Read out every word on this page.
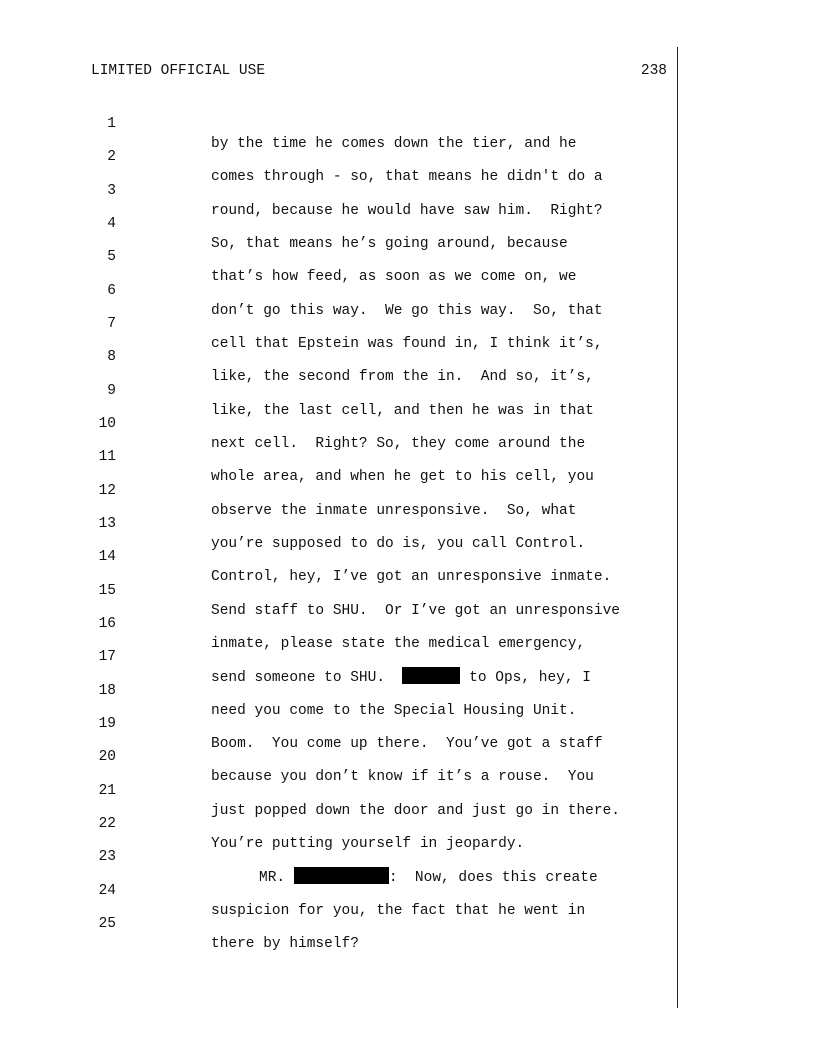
LIMITED OFFICIAL USE	238

1

by the time he comes down the tier, and he

2

comes through - so, that means he didn't do a

3

round, because he would have saw him.  Right?

4

So, that means he’s going around, because

5

that’s how feed, as soon as we come on, we

6

don’t go this way.  We go this way.  So, that

7

cell that Epstein was found in, I think it’s,

8

like, the second from the in.  And so, it’s,

9

like, the last cell, and then he was in that

10

next cell.  Right? So, they come around the

11

whole area, and when he get to his cell, you

12

observe the inmate unresponsive.  So, what

13

you’re supposed to do is, you call Control.

14

Control, hey, I’ve got an unresponsive inmate.

15

Send staff to SHU.  Or I’ve got an unresponsive

16

inmate, please state the medical emergency,

17

send someone to SHU.	to Ops, hey, I

18

need you come to the Special Housing Unit.

19

Boom.  You come up there.  You’ve got a staff

20

because you don’t know if it’s a rouse.  You

21

just popped down the door and just go in there.

22

You’re putting yourself in jeopardy.

23

MR.	:  Now, does this create

24

suspicion for you, the fact that he went in

25

there by himself?
